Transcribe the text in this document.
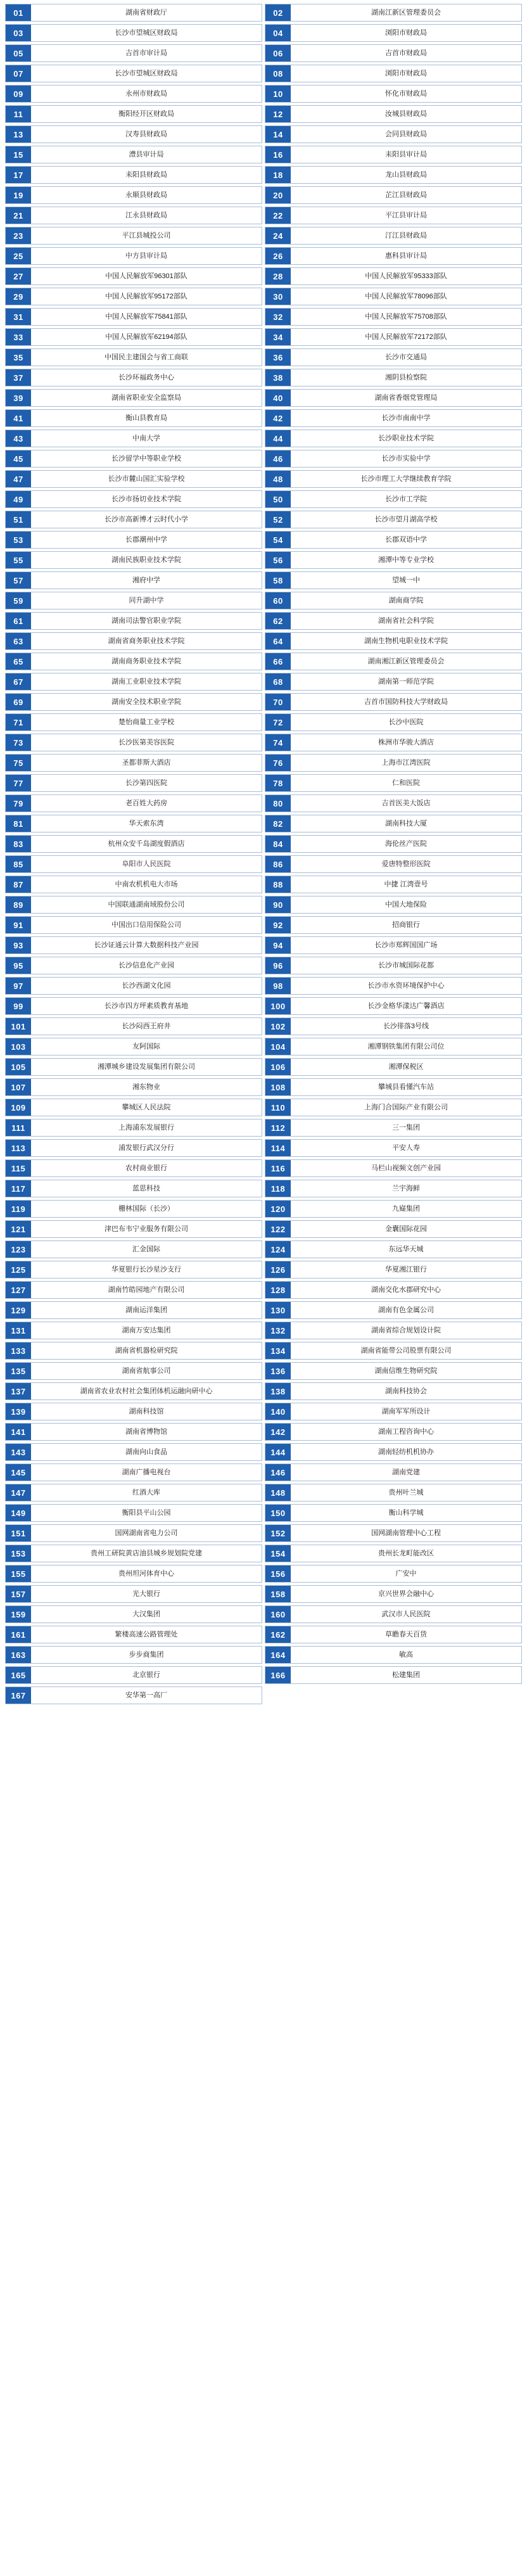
01	湖南省财政厅	02	湖南江新区管理委员会
03	长沙市望城区财政局	04	浏阳市财政局
05	吉首市审计局	06	吉首市财政局
07	长沙市望城区财政局	08	浏阳市财政局
09	永州市财政局	10	怀化市财政局
11	衡阳经开区财政局	12	汝城县财政局
13	汉寿县财政局	14	会同县财政局
15	澧县审计局	16	耒阳县审计局
17	耒阳县财政局	18	龙山县财政局
19	永顺县财政局	20	芷江县财政局
21	江永县财政局	22	平江县审计局
23	平江县城投公司	24	汀江县财政局
25	中方县审计局	26	惠科县审计局
27	中国人民解放军96301部队	28	中国人民解放军95333部队
29	中国人民解放军95172部队	30	中国人民解放军78096部队
31	中国人民解放军75841部队	32	中国人民解放军75708部队
33	中国人民解放军62194部队	34	中国人民解放军72172部队
35	中国民主建国会与省工商联	36	长沙市交通局
37	长沙环福政务中心	38	湘阴县检察院
39	湖南省职业安全监察局	40	湖南省香烟党管理局
41	衡山县教育局	42	长沙市南南中学
43	中南大学	44	长沙职业技术学院
45	长沙留学中等职业学校	46	长沙市实验中学
47	长沙市麓山国汇实验学校	48	长沙市理工大学继续教育学院
49	长沙市扬切业技术学院	50	长沙市工学院
51	长沙市高新博才云时代小学	52	长沙市望月湖高学校
53	长郡潮州中学	54	长郡双语中学
55	湖南民族职业技术学院	56	湘潭中等专业学校
57	湘府中学	58	望城一中
59	同升湖中学	60	湖南商学院
61	湖南司法警官职业学院	62	湖南省社会科学院
63	湖南省商务职业技术学院	64	湖南生物机电职业技术学院
65	湖南商务职业技术学院	66	湖南湘江新区管理委员会
67	湖南工业职业技术学院	68	湖南第一师范学院
69	湖南安全技术职业学院	70	吉首市国防科技大学财政局
71	楚怡商量工业学校	72	长沙中医院
73	长沙医第美容医院	74	株洲市华骏大酒店
75	圣都菲斯大酒店	76	上海市江湾医院
77	长沙第四医院	78	仁和医院
79	老百姓大药房	80	吉首医美大饭店
81	华天索东湾	82	湖南科技大厦
83	杭州众安千岛湖度假酒店	84	海伦丝产医院
85	阜阳市人民医院	86	爱唐特整形医院
87	中南农机机电大市场	88	中捷 江湾壹号
89	中国联通湖南域股份公司	90	中国大地保险
91	中国出口信用保险公司	92	招商银行
93	长沙证通云计算大数据科技产业园	94	长沙市郑辉国国广场
95	长沙信息化产业园	96	长沙市城国际花都
97	长沙西湖文化园	98	长沙市水资环境保护中心
99	长沙市四方坪素质教育基地	100	长沙金格华漾达广馨酒店
101	长沙闷西王府井	102	长沙徘落3号线
103	友阿国际	104	湘潭钢铁集团有限公司位
105	湘潭城乡建设发展集团有限公司	106	湘潭保税区
107	湘东物业	108	攀城县看懂汽车站
109	攀城区人民法院	110	上海门合国际产业有限公司
111	上海浦东发展银行	112	三一集团
113	浦发银行武汉分行	114	平安人寿
115	农村商业银行	116	马栏山视频文创产业园
117	蓝思科技	118	兰宇海鲜
119	栅林国际（长沙）	120	九嶷集团
121	津巴布韦宁业服务有限公司	122	金囊国际花园
123	汇金国际	124	东远华天城
125	华夏银行长沙星沙支行	126	华夏湘江银行
127	湖南竹皓园地产有限公司	128	湖南交化水郡研究中心
129	湖南运洋集团	130	湖南有色金属公司
131	湖南万安达集团	132	湖南省综合规划设计院
133	湖南省机器检研究院	134	湖南省能带公司股票有限公司
135	湖南省航事公司	136	湖南信维生物研究院
137	湖南省农业农村社会集团体机运融向研中心	138	湖南科技协会
139	湖南科技馆	140	湖南军军所设计
141	湖南省博物馆	142	湖南工程咨询中心
143	湖南向山食品	144	湖南轻纺机机协办
145	湖南广播电视台	146	湖南党建
147	红酒大库	148	贵州叶兰城
149	衡阳县平山公园	150	衡山科学城
151	国网湖南省电力公司	152	国网湖南管理中心工程
153	贵州工研院黄店油县城乡规划院党建	154	贵州长龙町能改区
155	贵州坦河体育中心	156	广安中
157	光大银行	158	京兴世界会融中心
159	大汉集团	160	武汉市人民医院
161	繁楼高速公路管理处	162	草瞻春天百货
163	步步商集团	164	敏高
165	北京银行	166	松建集团
167	安华第一高厂
